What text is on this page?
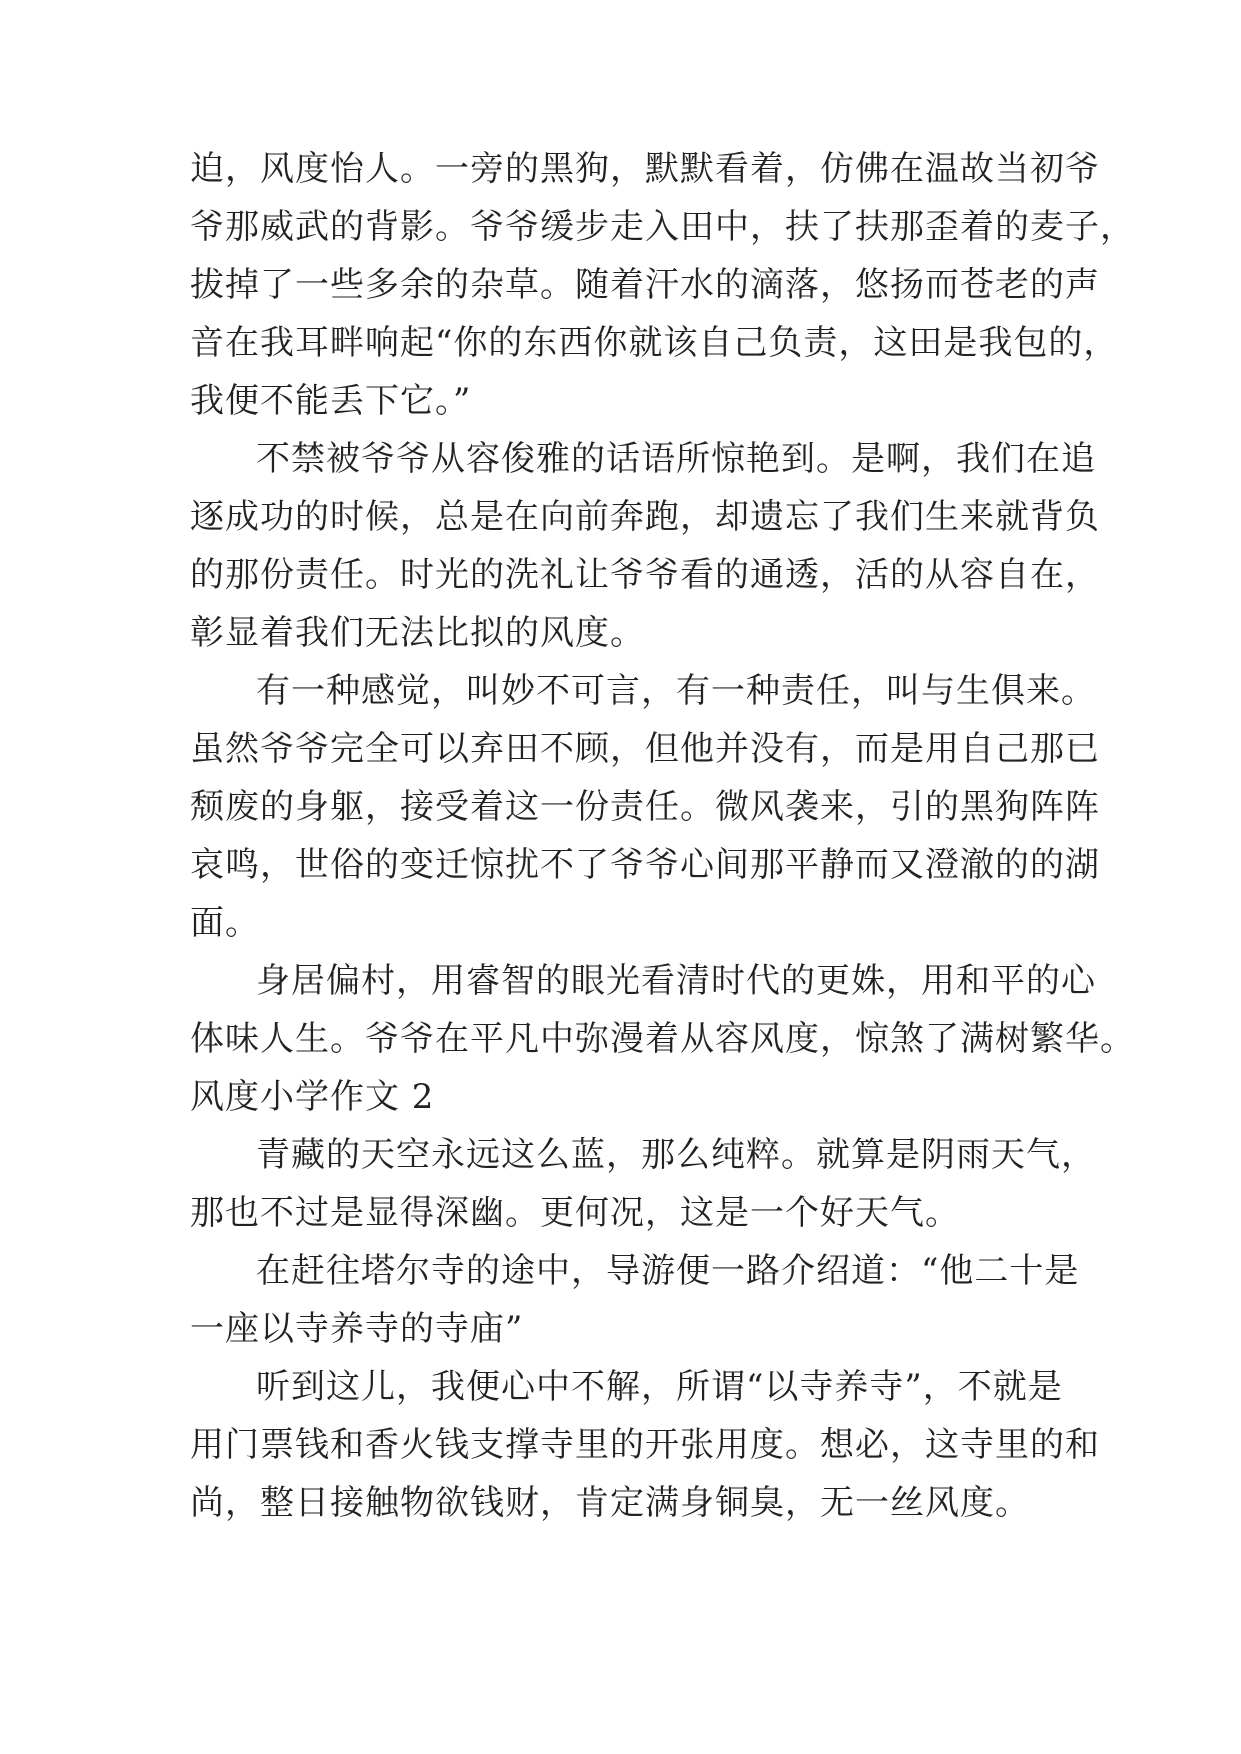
迫，风度怡人。一旁的黑狗，默默看着，仿佛在温故当初爷
爷那威武的背影。爷爷缓步走入田中，扶了扶那歪着的麦子，
拔掉了一些多余的杂草。随着汗水的滴落，悠扬而苍老的声
音在我耳畔响起“你的东西你就该自己负责，这田是我包的，
我便不能丢下它。”
不禁被爷爷从容俊雅的话语所惊艳到。是啊，我们在追
逐成功的时候，总是在向前奔跑，却遗忘了我们生来就背负
的那份责任。时光的洗礼让爷爷看的通透，活的从容自在，
彰显着我们无法比拟的风度。
有一种感觉，叫妙不可言，有一种责任，叫与生俱来。
虽然爷爷完全可以弃田不顾，但他并没有，而是用自己那已
颓废的身躯，接受着这一份责任。微风袭来，引的黑狗阵阵
哀鸣，世俗的变迁惊扰不了爷爷心间那平静而又澄澈的的湖
面。
身居偏村，用睿智的眼光看清时代的更姝，用和平的心
体味人生。爷爷在平凡中弥漫着从容风度，惊煞了满树繁华。
风度小学作文 2
青藏的天空永远这么蓝，那么纯粹。就算是阴雨天气，
那也不过是显得深幽。更何况，这是一个好天气。
在赶往塔尔寺的途中，导游便一路介绍道：“他二十是
一座以寺养寺的寺庙”
听到这儿，我便心中不解，所谓“以寺养寺”，不就是
用门票钱和香火钱支撑寺里的开张用度。想必，这寺里的和
尚，整日接触物欲钱财，肯定满身铜臭，无一丝风度。
